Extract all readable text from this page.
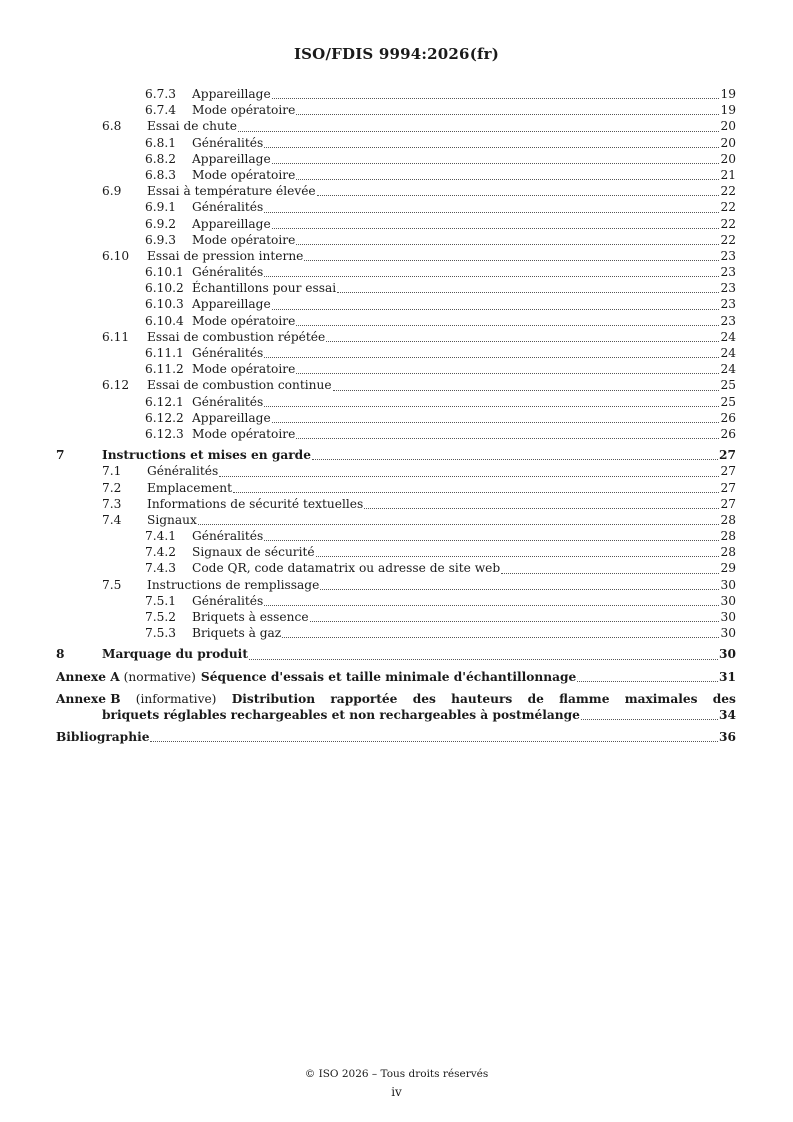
ISO/FDIS 9994:2026(fr)
6.7.3	Appareillage	19
6.7.4	Mode opératoire	19
6.8	Essai de chute	20
6.8.1	Généralités	20
6.8.2	Appareillage	20
6.8.3	Mode opératoire	21
6.9	Essai à température élevée	22
6.9.1	Généralités	22
6.9.2	Appareillage	22
6.9.3	Mode opératoire	22
6.10	Essai de pression interne	23
6.10.1 Généralités	23
6.10.2 Échantillons pour essai	23
6.10.3 Appareillage	23
6.10.4 Mode opératoire	23
6.11	Essai de combustion répétée	24
6.11.1 Généralités	24
6.11.2 Mode opératoire	24
6.12	Essai de combustion continue	25
6.12.1 Généralités	25
6.12.2 Appareillage	26
6.12.3 Mode opératoire	26
7	Instructions et mises en garde	27
7.1	Généralités	27
7.2	Emplacement	27
7.3	Informations de sécurité textuelles	27
7.4	Signaux	28
7.4.1	Généralités	28
7.4.2	Signaux de sécurité	28
7.4.3	Code QR, code datamatrix ou adresse de site web	29
7.5	Instructions de remplissage	30
7.5.1	Généralités	30
7.5.2	Briquets à essence	30
7.5.3	Briquets à gaz	30
8	Marquage du produit	30
Annexe A (normative) Séquence d'essais et taille minimale d'échantillonnage	31
Annexe B (informative) Distribution rapportée des hauteurs de flamme maximales des
briquets réglables rechargeables et non rechargeables à postmélange	34
Bibliographie	36
© ISO 2026 – Tous droits réservés
iv
